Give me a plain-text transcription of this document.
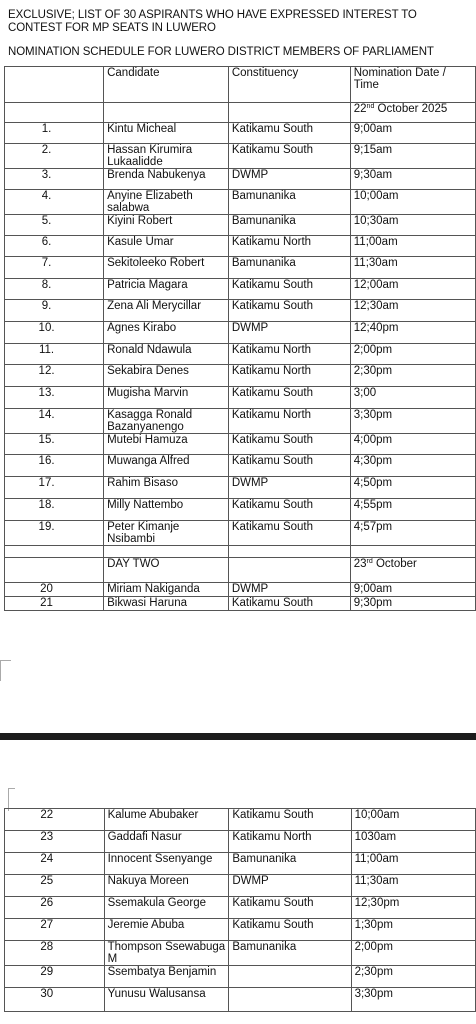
EXCLUSIVE; LIST OF 30 ASPIRANTS WHO HAVE EXPRESSED INTEREST TO CONTEST FOR MP SEATS IN LUWERO
NOMINATION SCHEDULE FOR LUWERO DISTRICT MEMBERS OF PARLIAMENT
	Candidate	Constituency	Nomination Date / Time
			22nd October 2025
1.	Kintu Micheal	Katikamu South	9;00am
2.	Hassan Kirumira Lukaalidde	Katikamu South	9;15am
3.	Brenda Nabukenya	DWMP	9;30am
4.	Anyine Elizabeth salabwa	Bamunanika	10;00am
5.	Kiyini Robert	Bamunanika	10;30am
6.	Kasule Umar	Katikamu North	11;00am
7.	Sekitoleeko Robert	Bamunanika	11;30am
8.	Patricia Magara	Katikamu South	12;00am
9.	Zena Ali Merycillar	Katikamu South	12;30am
10.	Agnes Kirabo	DWMP	12;40pm
11.	Ronald Ndawula	Katikamu North	2;00pm
12.	Sekabira Denes	Katikamu North	2;30pm
13.	Mugisha Marvin	Katikamu South	3;00
14.	Kasagga Ronald Bazanyanengo	Katikamu North	3;30pm
15.	Mutebi Hamuza	Katikamu South	4;00pm
16.	Muwanga Alfred	Katikamu South	4;30pm
17.	Rahim Bisaso	DWMP	4;50pm
18.	Milly Nattembo	Katikamu South	4;55pm
19.	Peter Kimanje Nsibambi	Katikamu South	4;57pm

	DAY TWO		23rd October
20	Miriam Nakiganda	DWMP	9;00am
21	Bikwasi Haruna	Katikamu South	9;30pm
22	Kalume Abubaker	Katikamu South	10;00am
23	Gaddafi Nasur	Katikamu North	1030am
24	Innocent Ssenyange	Bamunanika	11;00am
25	Nakuya Moreen	DWMP	11;30am
26	Ssemakula George	Katikamu South	12;30pm
27	Jeremie Abuba	Katikamu South	1;30pm
28	Thompson Ssewabuga M	Bamunanika	2;00pm
29	Ssembatya Benjamin		2;30pm
30	Yunusu Walusansa		3;30pm
